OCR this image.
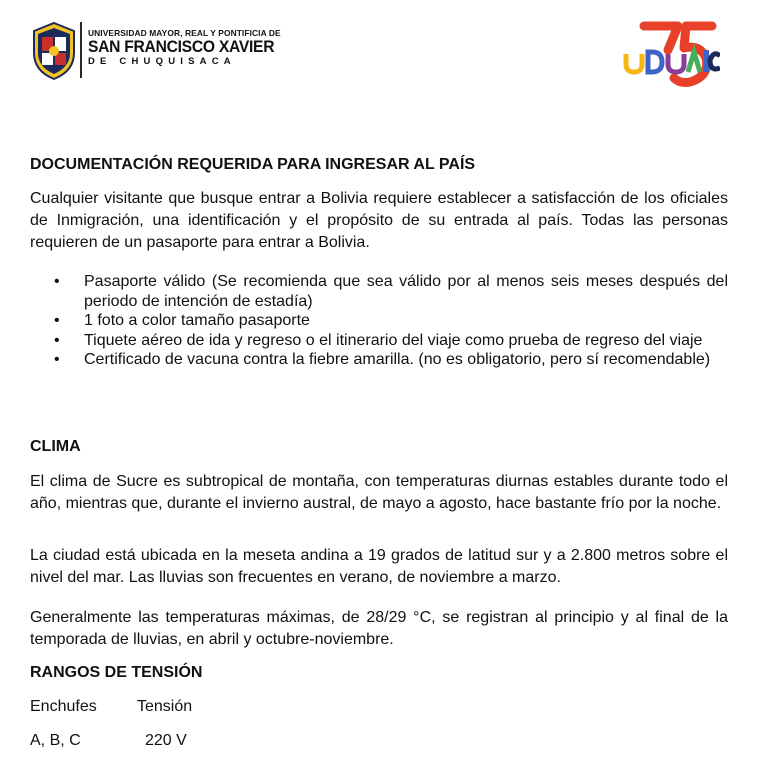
UNIVERSIDAD MAYOR, REAL Y PONTIFICIA DE
SAN FRANCISCO XAVIER
DE CHUQUISACA
DOCUMENTACIÓN REQUERIDA PARA INGRESAR AL PAÍS

Cualquier visitante que busque entrar a Bolivia requiere establecer a satisfacción de los oficiales de Inmigración, una identificación y el propósito de su entrada al país. Todas las personas requieren de un pasaporte para entrar a Bolivia.

• Pasaporte válido (Se recomienda que sea válido por al menos seis meses después del periodo de intención de estadía)
• 1 foto a color tamaño pasaporte
• Tiquete aéreo de ida y regreso o el itinerario del viaje como prueba de regreso del viaje
• Certificado de vacuna contra la fiebre amarilla. (no es obligatorio, pero sí recomendable)
CLIMA

El clima de Sucre es subtropical de montaña, con temperaturas diurnas estables durante todo el año, mientras que, durante el invierno austral, de mayo a agosto, hace bastante frío por la noche.

La ciudad está ubicada en la meseta andina a 19 grados de latitud sur y a 2.800 metros sobre el nivel del mar. Las lluvias son frecuentes en verano, de noviembre a marzo.

Generalmente las temperaturas máximas, de 28/29 °C, se registran al principio y al final de la temporada de lluvias, en abril y octubre-noviembre.

RANGOS DE TENSIÓN
Enchufes	Tensión
A, B, C	220 V
